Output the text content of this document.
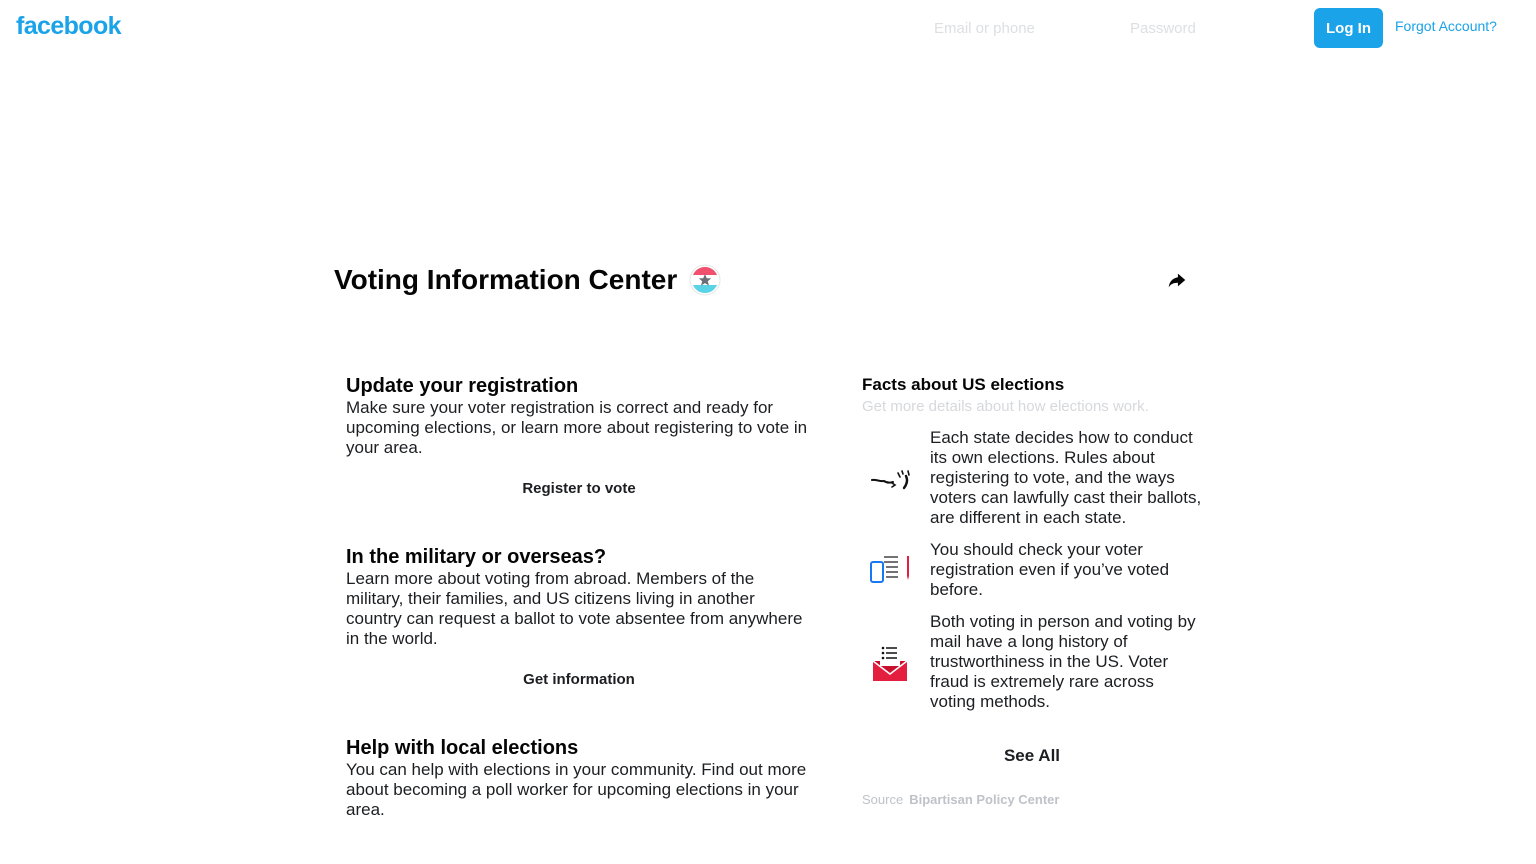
facebook
Email or phone	Log In	Forgot Account?
Voting Information Center
Update your registration

Make sure your voter registration is correct and ready for upcoming elections, or learn more about registering to vote in your area.

Register to vote
In the military or overseas?

Learn more about voting from abroad. Members of the military, their families, and US citizens living in another country can request a ballot to vote absentee from anywhere in the world.

Get information
Help with local elections

You can help with elections in your community. Find out more about becoming a poll worker for upcoming elections in your area.

Facts about US elections

Get more details about how elections work.

Each state decides how to conduct its own elections. Rules about registering to vote, and the ways voters can lawfully cast their ballots, are different in each state.

You should check your voter registration even if you’ve voted before.

Both voting in person and voting by mail have a long history of trustworthiness in the US. Voter fraud is extremely rare across voting methods.

See All

Source Bipartisan Policy Center
